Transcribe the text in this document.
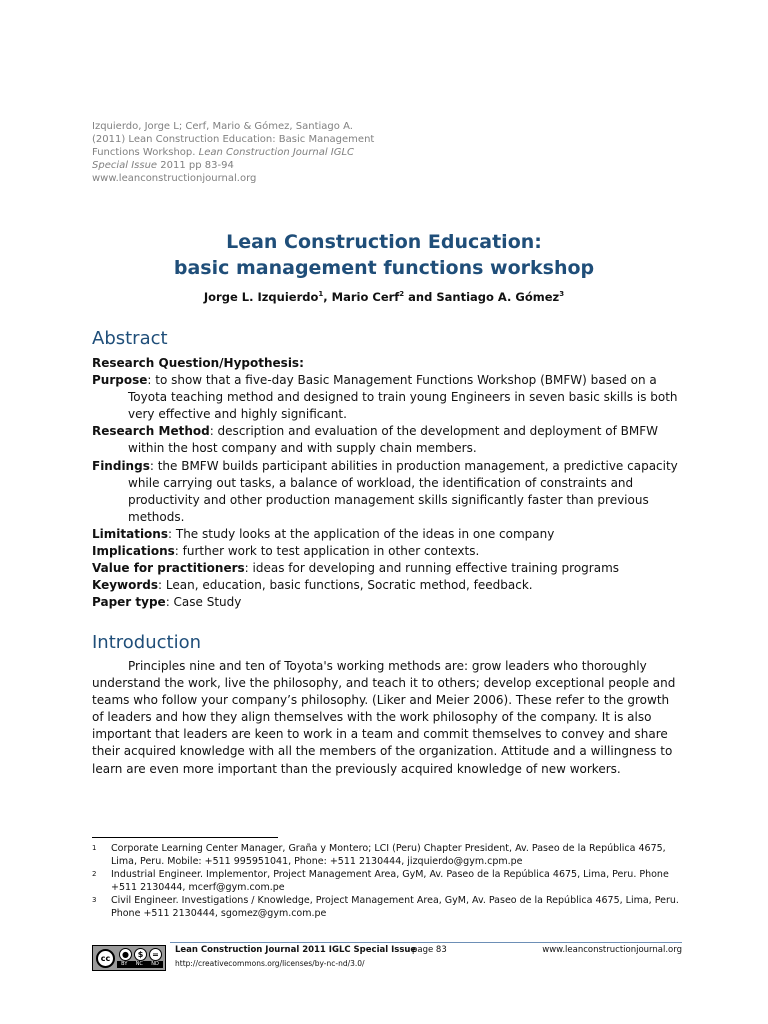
Izquierdo, Jorge L; Cerf, Mario & Gómez, Santiago A.
(2011) Lean Construction Education: Basic Management
Functions Workshop. Lean Construction Journal IGLC
Special Issue 2011 pp 83-94
www.leanconstructionjournal.org
Lean Construction Education:
basic management functions workshop
Jorge L. Izquierdo$^1$, Mario Cerf$^2$ and Santiago A. Gómez$^3$
Abstract

Research Question/Hypothesis:

Purpose: to show that a five-day Basic Management Functions Workshop (BMFW) based on a Toyota teaching method and designed to train young Engineers in seven basic skills is both very effective and highly significant.

Research Method: description and evaluation of the development and deployment of BMFW within the host company and with supply chain members.

Findings: the BMFW builds participant abilities in production management, a predictive capacity while carrying out tasks, a balance of workload, the identification of constraints and productivity and other production management skills significantly faster than previous methods.

Limitations: The study looks at the application of the ideas in one company

Implications: further work to test application in other contexts.

Value for practitioners: ideas for developing and running effective training programs

Keywords: Lean, education, basic functions, Socratic method, feedback.

Paper type: Case Study

Introduction

Principles nine and ten of Toyota's working methods are: grow leaders who thoroughly understand the work, live the philosophy, and teach it to others; develop exceptional people and teams who follow your company’s philosophy. (Liker and Meier 2006). These refer to the growth of leaders and how they align themselves with the work philosophy of the company. It is also important that leaders are keen to work in a team and commit themselves to convey and share their acquired knowledge with all the members of the organization. Attitude and a willingness to learn are even more important than the previously acquired knowledge of new workers.

1	Corporate Learning Center Manager, Graña y Montero; LCI (Peru) Chapter President, Av. Paseo de la República 4675, Lima, Peru. Mobile: +511 995951041, Phone: +511 2130444, jizquierdo@gym.cpm.pe
2	Industrial Engineer. Implementor, Project Management Area, GyM, Av. Paseo de la República 4675, Lima, Peru. Phone +511 2130444, mcerf@gym.com.pe
3	Civil Engineer. Investigations / Knowledge, Project Management Area, GyM, Av. Paseo de la República 4675, Lima, Peru. Phone +511 2130444, sgomez@gym.com.pe
cc	●	$	=
BY NC ND
Lean Construction Journal 2011 IGLC Special Issue
page 83	www.leanconstructionjournal.org
http://creativecommons.org/licenses/by-nc-nd/3.0/
